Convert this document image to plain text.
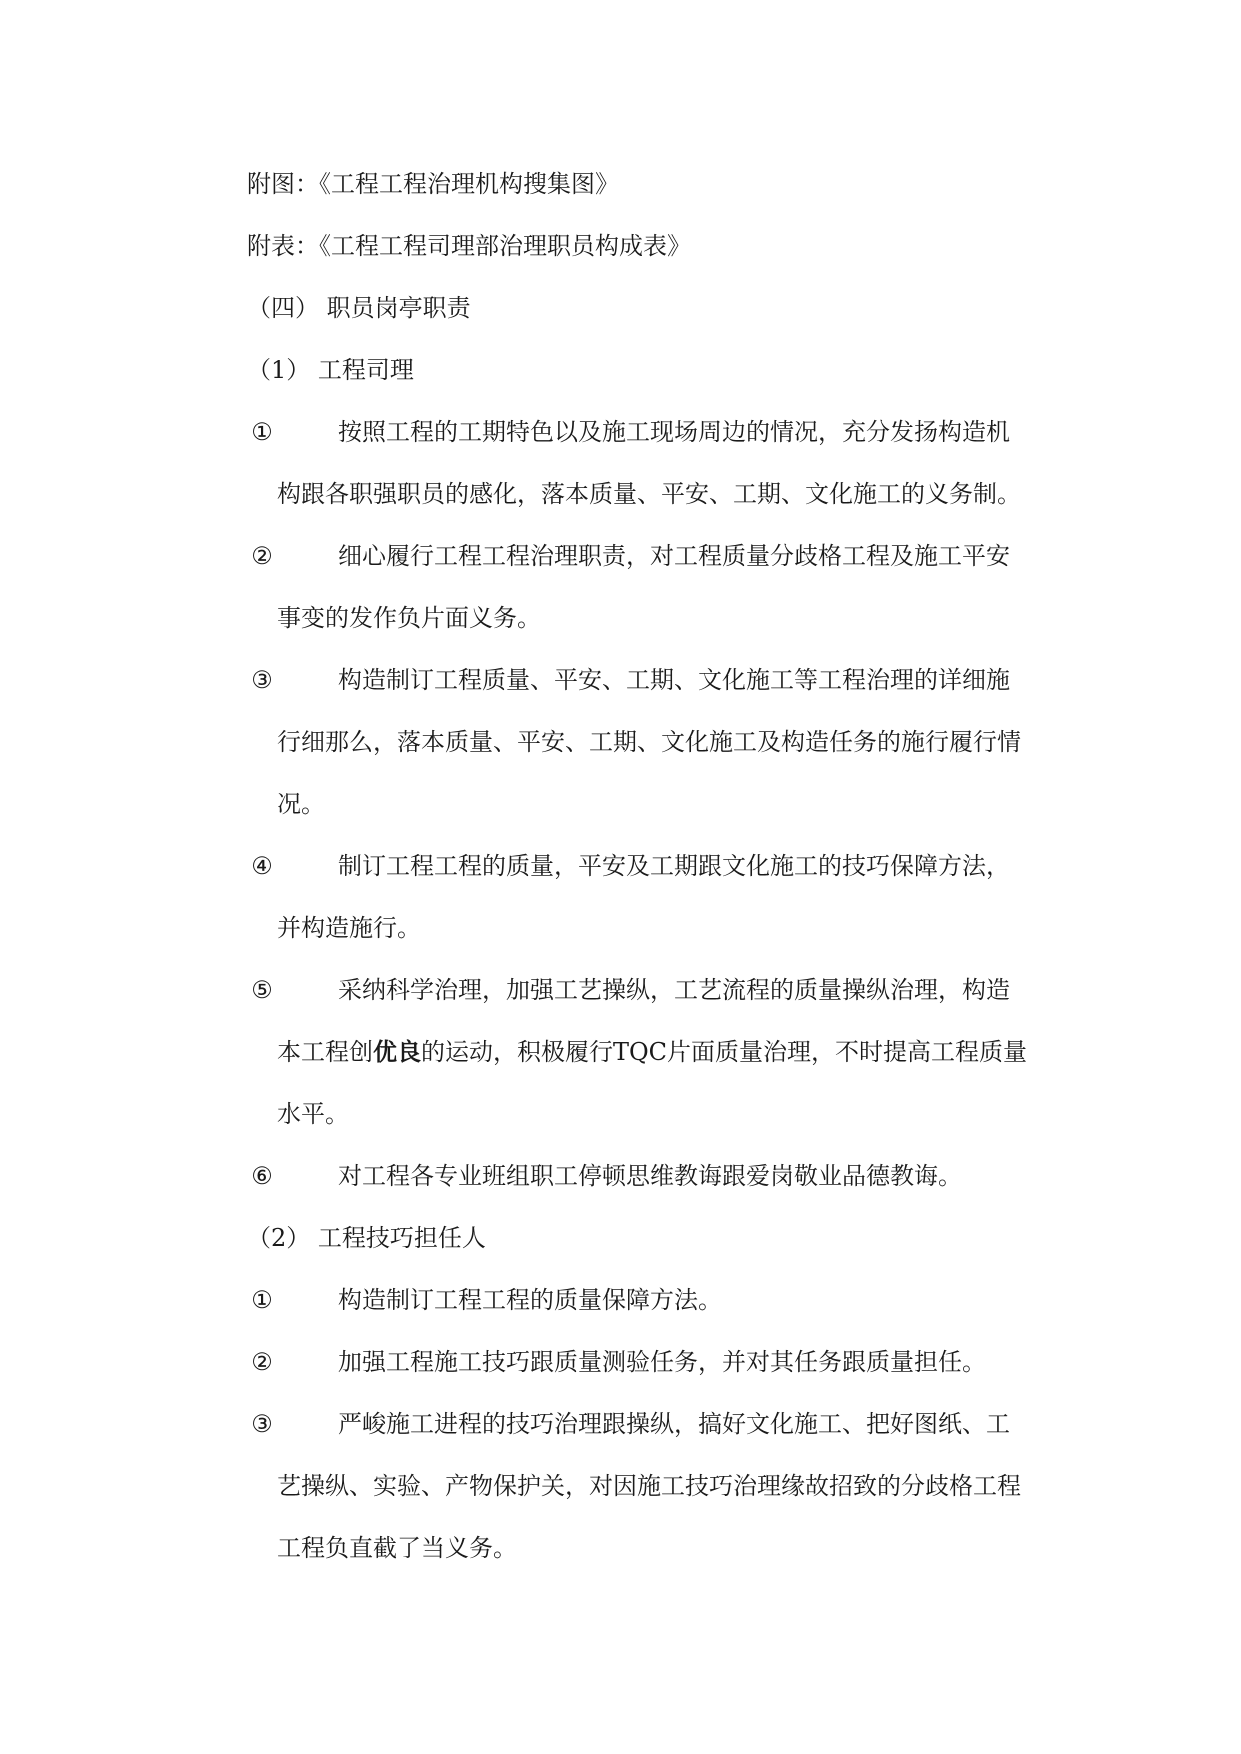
附图：《工程工程治理机构搜集图》
附表：《工程工程司理部治理职员构成表》
（四） 职员岗亭职责
（1） 工程司理
①	按照工程的工期特色以及施工现场周边的情况，充分发扬构造机
构跟各职强职员的感化，落本质量、平安、工期、文化施工的义务制。
②	细心履行工程工程治理职责，对工程质量分歧格工程及施工平安
事变的发作负片面义务。
③	构造制订工程质量、平安、工期、文化施工等工程治理的详细施
行细那么，落本质量、平安、工期、文化施工及构造任务的施行履行情
况。
④	制订工程工程的质量，平安及工期跟文化施工的技巧保障方法，
并构造施行。
⑤	采纳科学治理，加强工艺操纵，工艺流程的质量操纵治理，构造
本工程创优良的运动，积极履行TQC片面质量治理，不时提高工程质量
水平。
⑥	对工程各专业班组职工停顿思维教诲跟爱岗敬业品德教诲。
（2） 工程技巧担任人
①	构造制订工程工程的质量保障方法。
②	加强工程施工技巧跟质量测验任务，并对其任务跟质量担任。
③	严峻施工进程的技巧治理跟操纵，搞好文化施工、把好图纸、工
艺操纵、实验、产物保护关，对因施工技巧治理缘故招致的分歧格工程
工程负直截了当义务。
